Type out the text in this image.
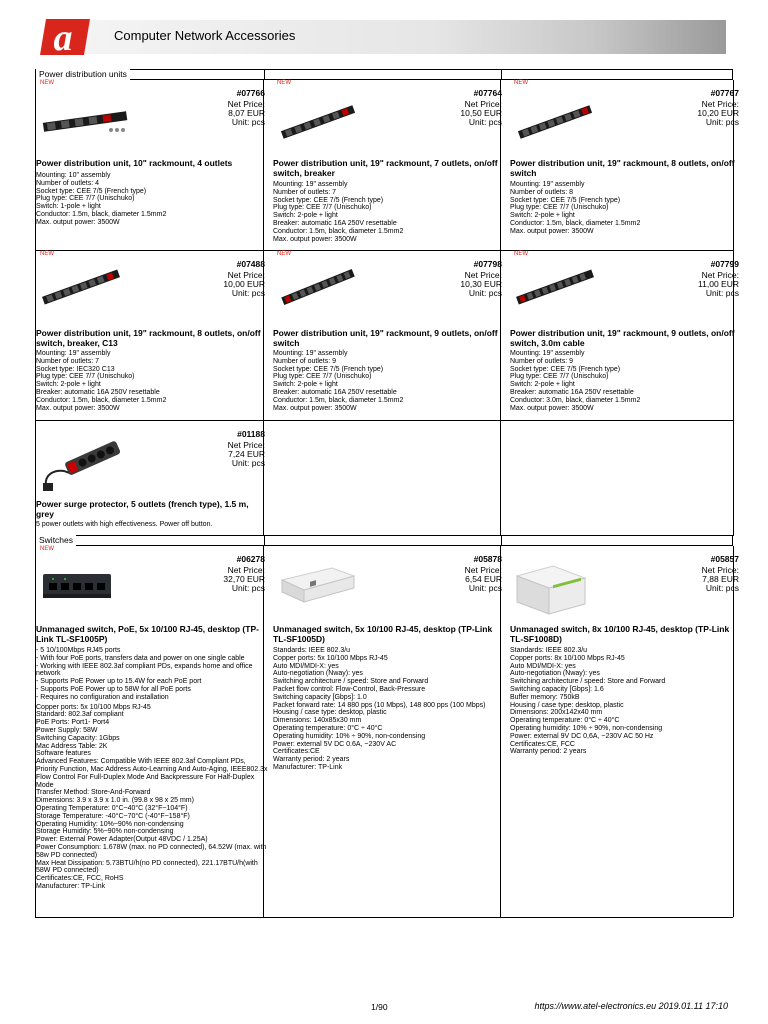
a	Computer Network Accessories
Power distribution units
Switches
NEW
#07766
Net Price:
8,07 EUR
Unit: pcs
Power distribution unit, 10" rackmount, 4 outlets
Mounting: 10" assembly
Number of outlets: 4
Socket type: CEE 7/5 (French type)
Plug type: CEE 7/7 (Unischuko)
Switch: 1-pole + light
Conductor: 1.5m, black, diameter 1.5mm2
Max. output power: 3500W
NEW
#07764
Net Price:
10,50 EUR
Unit: pcs
Power distribution unit, 19" rackmount, 7 outlets, on/off switch, breaker
Mounting: 19" assembly
Number of outlets: 7
Socket type: CEE 7/5 (French type)
Plug type: CEE 7/7 (Unischuko)
Switch: 2-pole + light
Breaker: automatic 16A 250V resettable
Conductor: 1.5m, black, diameter 1.5mm2
Max. output power: 3500W
NEW
#07767
Net Price:
10,20 EUR
Unit: pcs
Power distribution unit, 19" rackmount, 8 outlets, on/off switch
Mounting: 19" assembly
Number of outlets: 8
Socket type: CEE 7/5 (French type)
Plug type: CEE 7/7 (Unischuko)
Switch: 2-pole + light
Conductor: 1.5m, black, diameter 1.5mm2
Max. output power: 3500W
NEW
#07488
Net Price:
10,00 EUR
Unit: pcs
Power distribution unit, 19" rackmount, 8 outlets, on/off switch, breaker, C13
Mounting: 19" assembly
Number of outlets: 7
Socket type: IEC320 C13
Plug type: CEE 7/7 (Unischuko)
Switch: 2-pole + light
Breaker: automatic 16A 250V resettable
Conductor: 1.5m, black, diameter 1.5mm2
Max. output power: 3500W
NEW
#07798
Net Price:
10,30 EUR
Unit: pcs
Power distribution unit, 19" rackmount, 9 outlets, on/off switch
Mounting: 19" assembly
Number of outlets: 9
Socket type: CEE 7/5 (French type)
Plug type: CEE 7/7 (Unischuko)
Switch: 2-pole + light
Breaker: automatic 16A 250V resettable
Conductor: 1.5m, black, diameter 1.5mm2
Max. output power: 3500W
NEW
#07799
Net Price:
11,00 EUR
Unit: pcs
Power distribution unit, 19" rackmount, 9 outlets, on/off switch, 3.0m cable
Mounting: 19" assembly
Number of outlets: 9
Socket type: CEE 7/5 (French type)
Plug type: CEE 7/7 (Unischuko)
Switch: 2-pole + light
Breaker: automatic 16A 250V resettable
Conductor: 3.0m, black, diameter 1.5mm2
Max. output power: 3500W
#01188
Net Price:
7,24 EUR
Unit: pcs
Power surge protector, 5 outlets (french type), 1.5 m, grey
5 power outlets with high effectiveness. Power off button.
NEW
#06278
Net Price:
32,70 EUR
Unit: pcs
Unmanaged switch, PoE, 5x 10/100 RJ-45, desktop (TP-Link TL-SF1005P)
- 5 10/100Mbps RJ45 ports
- With four PoE ports, transfers data and power on one single cable
- Working with IEEE 802.3af compliant PDs, expands home and office network
- Supports PoE Power up to 15.4W for each PoE port
- Supports PoE Power up to 58W for all PoE ports
- Requires no configuration and installation
Copper ports: 5x 10/100 Mbps RJ-45
Standard: 802.3af compliant
PoE Ports: Port1- Port4
Power Supply: 58W
Switching Capacity: 1Gbps
Mac Address Table: 2K
Software features
Advanced Features: Compatible With IEEE 802.3af Compliant PDs, Priority Function, Mac Address Auto-Learning And Auto-Aging, IEEE802.3x Flow Control For Full-Duplex Mode And Backpressure For Half-Duplex Mode
Transfer Method: Store-And-Forward
Dimensions: 3.9 x 3.9 x 1.0 in. (99.8 x 98 x 25 mm)
Operating Temperature: 0°C~40°C (32°F~104°F)
Storage Temperature: -40°C~70°C (-40°F~158°F)
Operating Humidity: 10%~90% non-condensing
Storage Humidity: 5%~90% non-condensing
Power: External Power Adapter(Output 48VDC / 1.25A)
Power Consumption: 1.678W (max. no PD connected), 64.52W (max. with 58w PD connected)
Max Heat Dissipation: 5.73BTU/h(no PD connected), 221.17BTU/h(with 58W PD connected)
Certificates:CE, FCC, RoHS
Manufacturer: TP-Link
#05878
Net Price:
6,54 EUR
Unit: pcs
Unmanaged switch, 5x 10/100 RJ-45, desktop (TP-Link TL-SF1005D)
Standards: IEEE 802.3/u
Copper ports: 5x 10/100 Mbps RJ-45
Auto MDI/MDI-X: yes
Auto-negotiation (Nway): yes
Switching architecture / speed: Store and Forward
Packet flow control: Flow-Control, Back-Pressure
Switching capacity [Gbps]: 1.0
Packet forward rate: 14 880 pps (10 Mbps), 148 800 pps (100 Mbps)
Housing / case type: desktop, plastic
Dimensions: 140x85x30 mm
Operating temperature: 0°C ÷ 40°C
Operating humidity: 10% ÷ 90%, non-condensing
Power: external 5V DC 0.6A, ~230V AC
Certificates:CE
Warranty period: 2 years
Manufacturer: TP-Link
#05857
Net Price:
7,88 EUR
Unit: pcs
Unmanaged switch, 8x 10/100 RJ-45, desktop (TP-Link TL-SF1008D)
Standards: IEEE 802.3/u
Copper ports: 8x 10/100 Mbps RJ-45
Auto MDI/MDI-X: yes
Auto-negotiation (Nway): yes
Switching architecture / speed: Store and Forward
Switching capacity [Gbps]: 1.6
Buffer memory: 750kB
Housing / case type: desktop, plastic
Dimensions: 200x142x40 mm
Operating temperature: 0°C ÷ 40°C
Operating humidity: 10% ÷ 90%, non-condensing
Power: external 9V DC 0,6A, ~230V AC 50 Hz
Certificates:CE, FCC
Warranty period: 2 years
1/90	https://www.atel-electronics.eu 2019.01.11 17:10
